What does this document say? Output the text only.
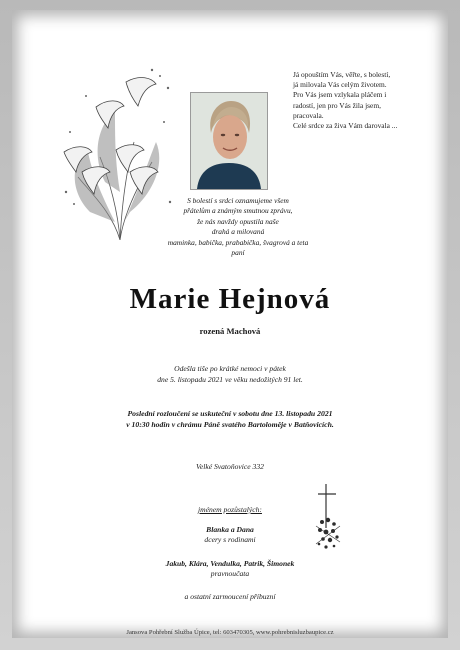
Já opouštím Vás, věřte, s bolestí,
já milovala Vás celým životem.
Pro Vás jsem vzlykala pláčem i
radostí, jen pro Vás žila jsem,
pracovala.
Celé srdce za živa Vám darovala ...
S bolestí s srdci oznamujeme všem
přátelům a známým smutnou zprávu,
že nás navždy opustila naše
drahá a milovaná
maminka, babička, prababička, švagrová a teta
paní
Marie Hejnová
rozená Machová
Odešla tiše po krátké nemoci v pátek
dne 5. listopadu 2021 ve věku nedožitých 91 let.
Poslední rozloučení se uskuteční v sobotu dne 13. listopadu 2021
v 10:30 hodin v chrámu Páně svatého Bartoloměje v Batňovicích.
Velké Svatoňovice 332
jménem pozůstalých:
Blanka a Dana
dcery s rodinami
Jakub, Klára, Vendulka, Patrik, Šimonek
pravnoučata
a ostatní zarmoucení příbuzní
Jansova Pohřební Služba Úpice, tel: 603470305, www.pohrebnisluzbaupice.cz
